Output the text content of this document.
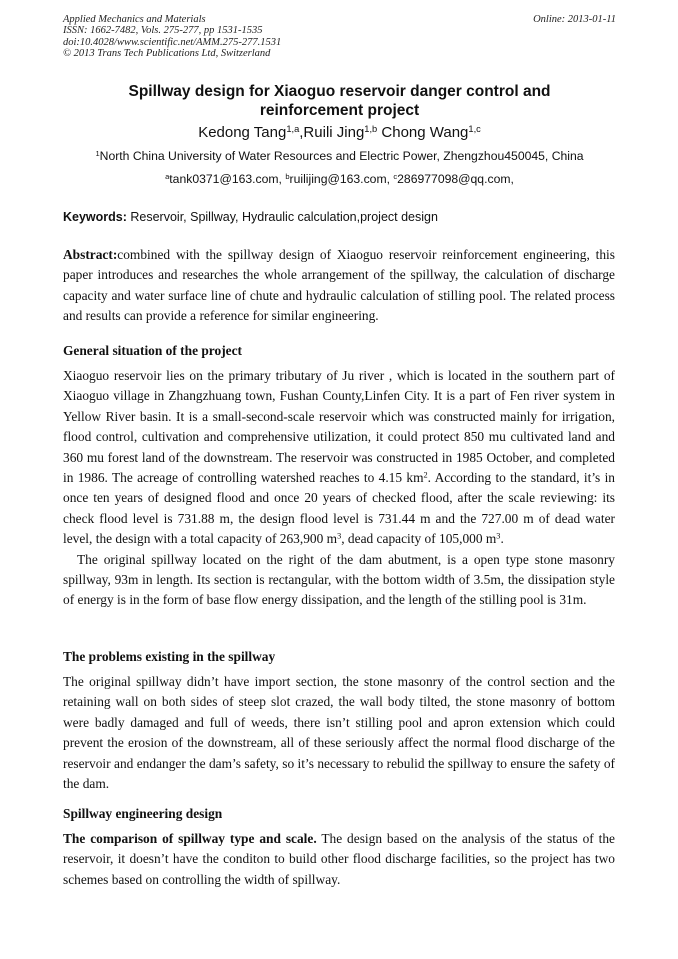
Applied Mechanics and Materials
ISSN: 1662-7482, Vols. 275-277, pp 1531-1535
doi:10.4028/www.scientific.net/AMM.275-277.1531
© 2013 Trans Tech Publications Ltd, Switzerland
Online: 2013-01-11
Spillway design for Xiaoguo reservoir danger control and
reinforcement project
Kedong Tang$^{1,a}$,Ruili Jing$^{1,b}$ Chong Wang$^{1,c}$
$^1$North China University of Water Resources and Electric Power, Zhengzhou450045, China
$^a$tank0371@163.com, $^b$ruilijing@163.com, $^c$286977098@qq.com,
Keywords: Reservoir, Spillway, Hydraulic calculation,project design

Abstract:combined with the spillway design of Xiaoguo reservoir reinforcement engineering, this paper introduces and researches the whole arrangement of the spillway, the calculation of discharge capacity and water surface line of chute and hydraulic calculation of stilling pool. The related process and results can provide a reference for similar engineering.

General situation of the project

Xiaoguo reservoir lies on the primary tributary of Ju river , which is located in the southern part of Xiaoguo village in Zhangzhuang town, Fushan County,Linfen City. It is a part of Fen river system in Yellow River basin. It is a small-second-scale reservoir which was constructed mainly for irrigation, flood control, cultivation and comprehensive utilization, it could protect 850 mu cultivated land and 360 mu forest land of the downstream. The reservoir was constructed in 1985 October, and completed in 1986. The acreage of controlling watershed reaches to 4.15 $km^2$. According to the standard, it’s in once ten years of designed flood and once 20 years of checked flood, after the scale reviewing: its check flood level is 731.88 m, the design flood level is 731.44 m and the 727.00 m of dead water level, the design with a total capacity of 263,900 $m^3$, dead capacity of 105,000 $m^3$.

The original spillway located on the right of the dam abutment, is a open type stone masonry spillway, 93m in length. Its section is rectangular, with the bottom width of 3.5m, the dissipation style of energy is in the form of base flow energy dissipation, and the length of the stilling pool is 31m.

The problems existing in the spillway

The original spillway didn’t have import section, the stone masonry of the control section and the retaining wall on both sides of steep slot crazed, the wall body tilted, the stone masonry of bottom were badly damaged and full of weeds, there isn’t stilling pool and apron extension which could prevent the erosion of the downstream, all of these seriously affect the normal flood discharge of the reservoir and endanger the dam’s safety, so it’s necessary to rebulid the spillway to ensure the safety of the dam.

Spillway engineering design

The comparison of spillway type and scale. The design based on the analysis of the status of the reservoir, it doesn’t have the conditon to build other flood discharge facilities, so the project has two schemes based on controlling the width of spillway.
